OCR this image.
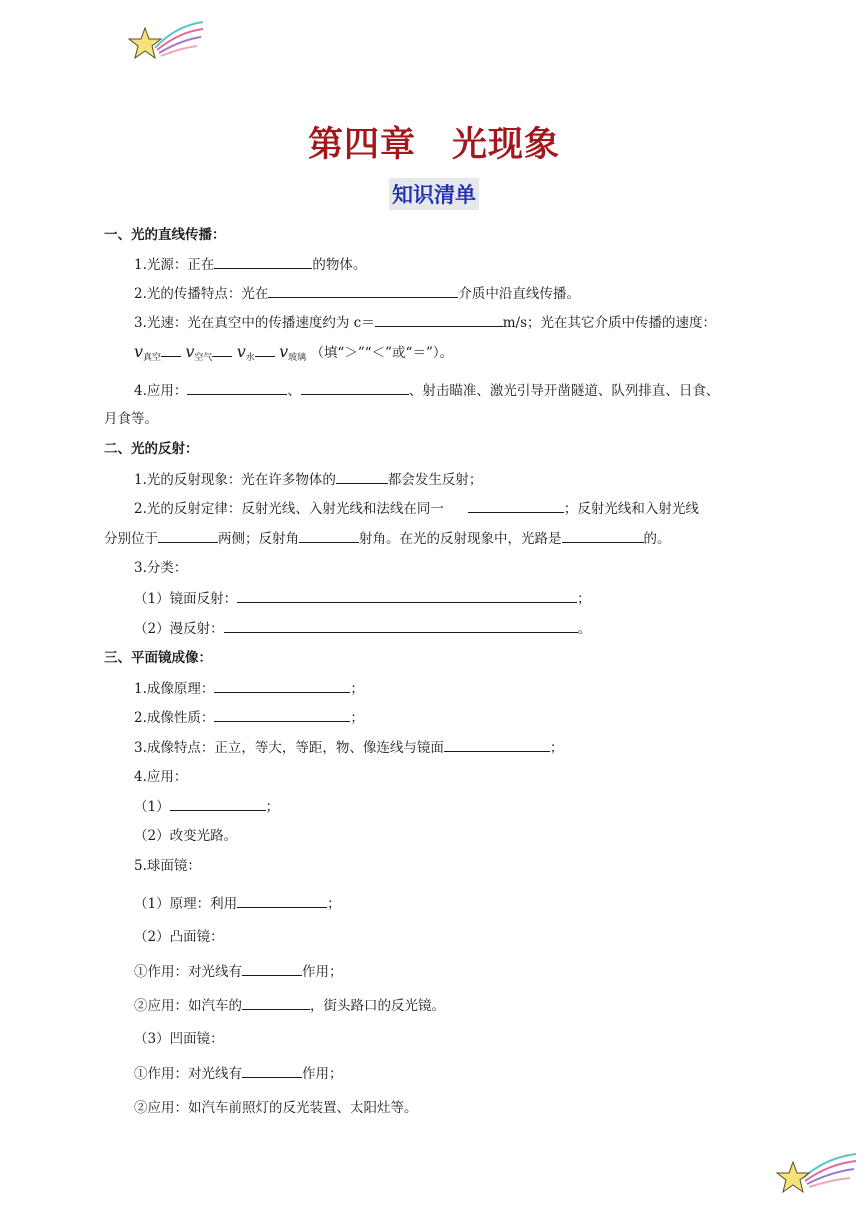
第四章　光现象
知识清单
一、光的直线传播：
1.光源：正在	的物体。
2.光的传播特点：光在	介质中沿直线传播。
3.光速：光在真空中的传播速度约为 c＝	m/s；光在其它介质中传播的速度：
$v_{真空}$ $v_{空气}$ $v_水$ $v_{玻璃}$ （填“＞”“＜”或“＝”）。
4.应用：	、	、射击瞄准、激光引导开凿隧道、队列排直、日食、
月食等。
二、光的反射：
1.光的反射现象：光在许多物体的	都会发生反射；
2.光的反射定律：反射光线、入射光线和法线在同一	；反射光线和入射光线
分别位于	两侧；反射角	射角。在光的反射现象中，光路是	的。
3.分类：
（1）镜面反射：	；
（2）漫反射：	。
三、平面镜成像：
1.成像原理：	；
2.成像性质：	；
3.成像特点：正立，等大，等距，物、像连线与镜面	；
4.应用：
（1）	；
（2）改变光路。
5.球面镜：
（1）原理：利用	；
（2）凸面镜：
①作用：对光线有	作用；
②应用：如汽车的	，街头路口的反光镜。
（3）凹面镜：
①作用：对光线有	作用；
②应用：如汽车前照灯的反光装置、太阳灶等。
